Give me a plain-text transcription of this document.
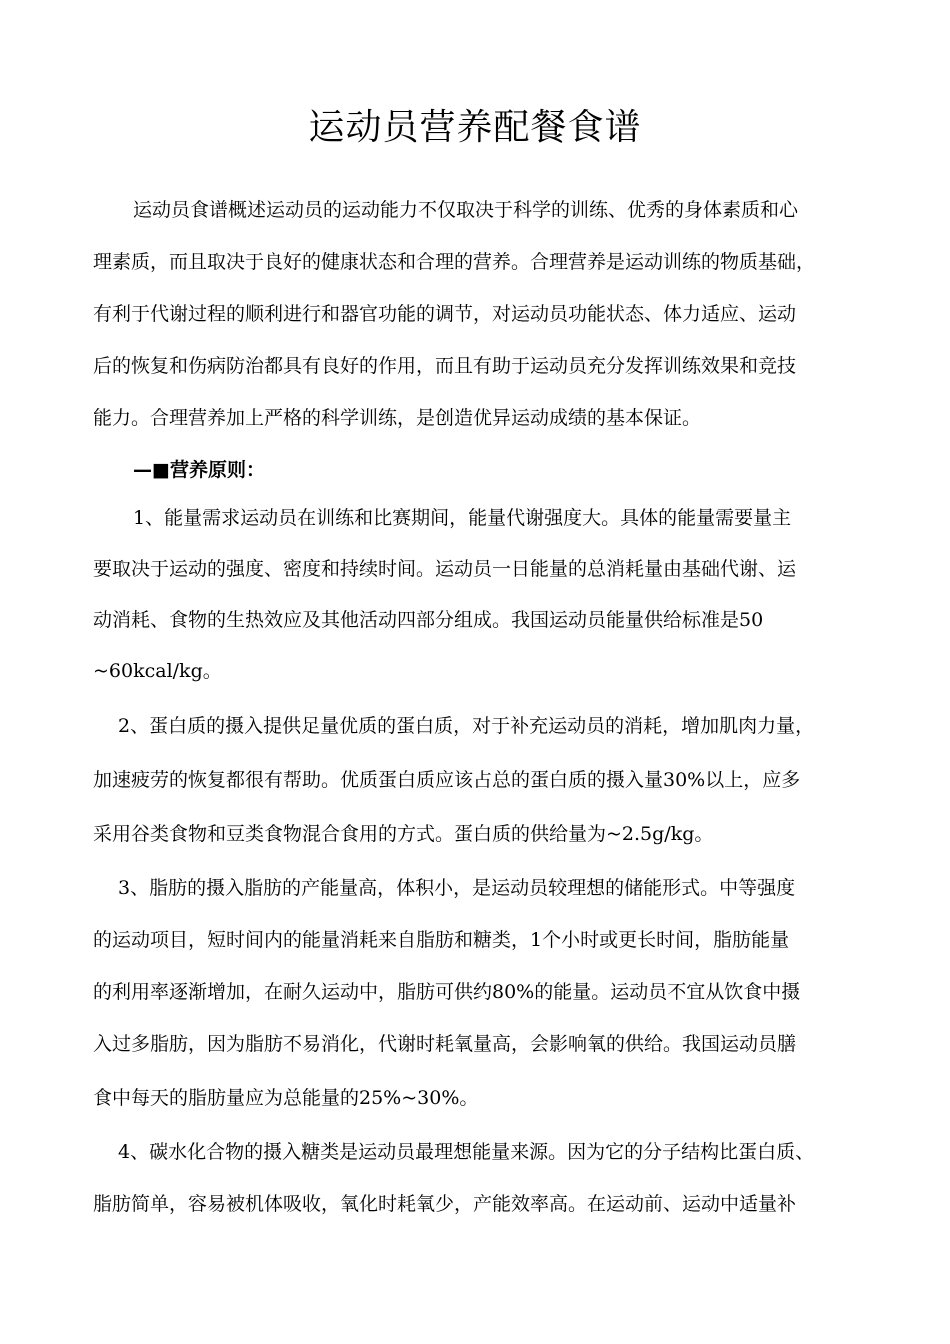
运动员营养配餐食谱
运动员食谱概述运动员的运动能力不仅取决于科学的训练、优秀的身体素质和心
理素质，而且取决于良好的健康状态和合理的营养。合理营养是运动训练的物质基础，
有利于代谢过程的顺利进行和器官功能的调节，对运动员功能状态、体力适应、运动
后的恢复和伤病防治都具有良好的作用，而且有助于运动员充分发挥训练效果和竞技
能力。合理营养加上严格的科学训练，是创造优异运动成绩的基本保证。
—■营养原则：
1、能量需求运动员在训练和比赛期间，能量代谢强度大。具体的能量需要量主
要取决于运动的强度、密度和持续时间。运动员一日能量的总消耗量由基础代谢、运
动消耗、食物的生热效应及其他活动四部分组成。我国运动员能量供给标准是50
~60kcal/kg。
2、蛋白质的摄入提供足量优质的蛋白质，对于补充运动员的消耗，增加肌肉力量，
加速疲劳的恢复都很有帮助。优质蛋白质应该占总的蛋白质的摄入量30%以上，应多
采用谷类食物和豆类食物混合食用的方式。蛋白质的供给量为~2.5g/kg。
3、脂肪的摄入脂肪的产能量高，体积小，是运动员较理想的储能形式。中等强度
的运动项目，短时间内的能量消耗来自脂肪和糖类，1个小时或更长时间，脂肪能量
的利用率逐渐增加，在耐久运动中，脂肪可供约80%的能量。运动员不宜从饮食中摄
入过多脂肪，因为脂肪不易消化，代谢时耗氧量高，会影响氧的供给。我国运动员膳
食中每天的脂肪量应为总能量的25%~30%。
4、碳水化合物的摄入糖类是运动员最理想能量来源。因为它的分子结构比蛋白质、
脂肪简单，容易被机体吸收，氧化时耗氧少，产能效率高。在运动前、运动中适量补
